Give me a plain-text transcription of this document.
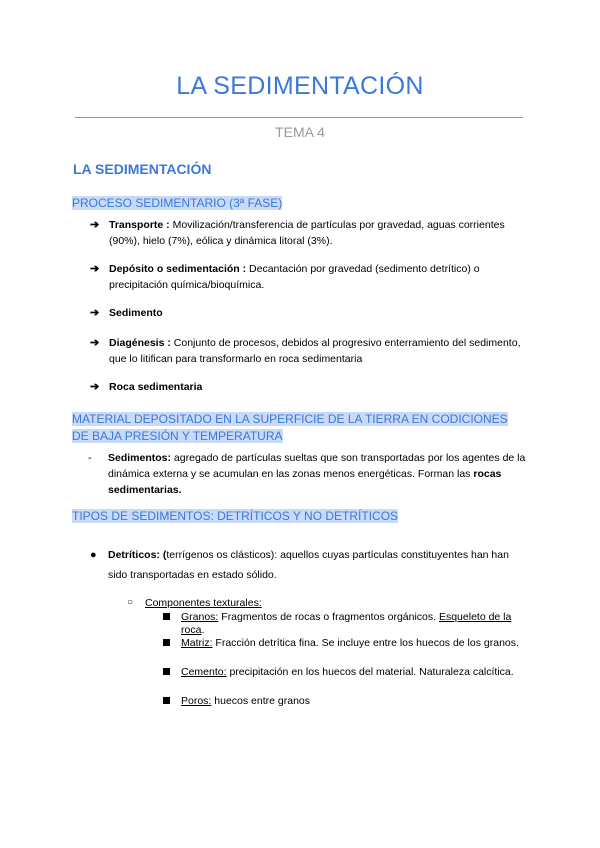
LA SEDIMENTACIÓN
TEMA 4
LA SEDIMENTACIÓN
PROCESO SEDIMENTARIO (3ª FASE)
➔ Transporte : Movilización/transferencia de partículas por gravedad, aguas corrientes (90%), hielo (7%), eólica y dinámica litoral (3%).
➔ Depósito o sedimentación : Decantación por gravedad (sedimento detrítico) o precipitación química/bioquímica.
➔ Sedimento
➔ Diagénesis : Conjunto de procesos, debidos al progresivo enterramiento del sedimento, que lo litifican para transformarlo en roca sedimentaria
➔ Roca sedimentaria
MATERIAL DEPOSITADO EN LA SUPERFICIE DE LA TIERRA EN CODICIONES
DE BAJA PRESIÓN Y TEMPERATURA
- Sedimentos: agregado de partículas sueltas que son transportadas por los agentes de la dinámica externa y se acumulan en las zonas menos energéticas. Forman las rocas sedimentarias.
TIPOS DE SEDIMENTOS: DETRÍTICOS Y NO DETRÍTICOS
● Detríticos: (terrígenos os clásticos): aquellos cuyas partículas constituyentes han han sido transportadas en estado sólido.
○ Componentes texturales:
Granos: Fragmentos de rocas o fragmentos orgánicos. Esqueleto de la roca.
Matriz: Fracción detrítica fina. Se incluye entre los huecos de los granos.
Cemento: precipitación en los huecos del material. Naturaleza calcítica.
Poros: huecos entre granos
